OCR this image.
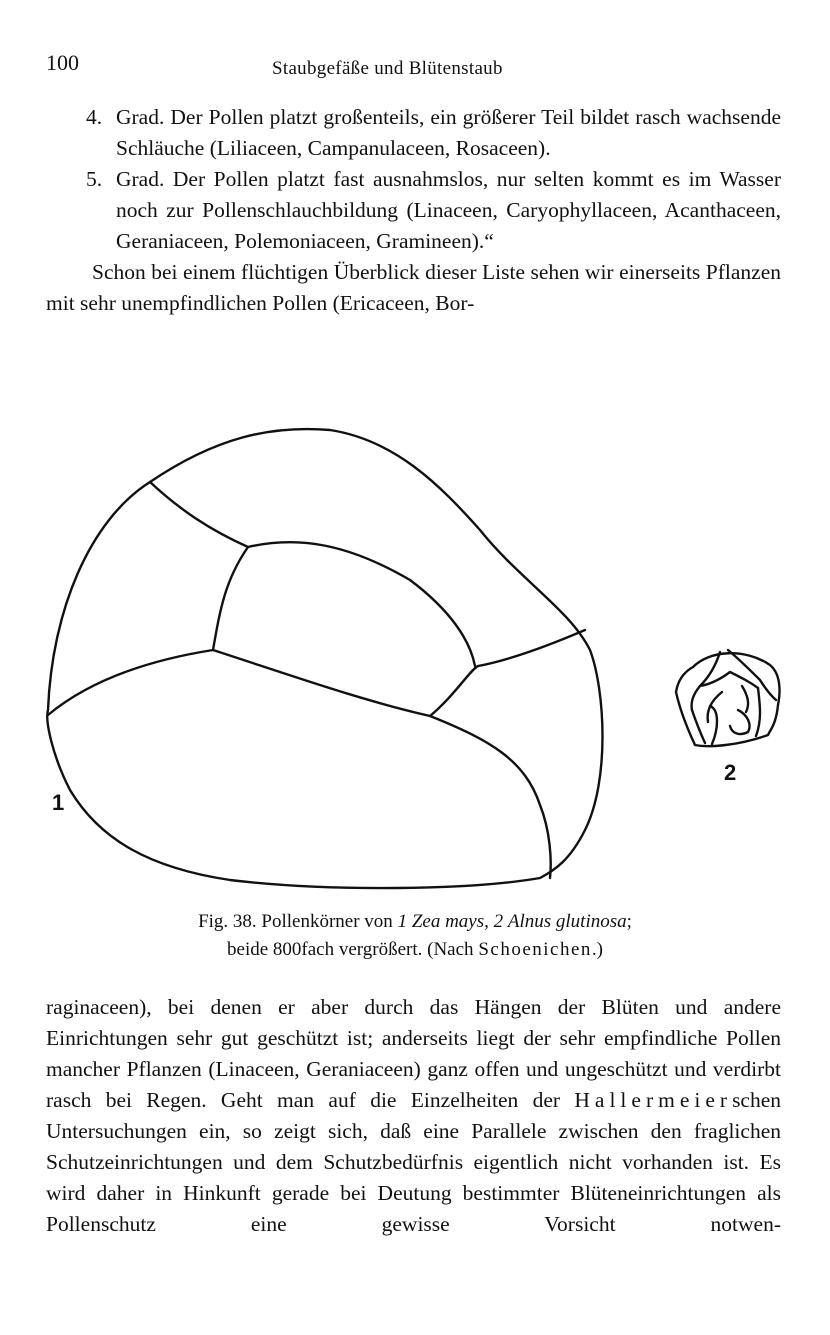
100	Staubgefäße und Blütenstaub
4. Grad. Der Pollen platzt großenteils, ein größerer Teil bildet rasch wachsende Schläuche (Liliaceen, Campanulaceen, Rosaceen).
5. Grad. Der Pollen platzt fast ausnahmslos, nur selten kommt es im Wasser noch zur Pollenschlauchbildung (Linaceen, Caryophyllaceen, Acanthaceen, Geraniaceen, Polemoniaceen, Gramineen).“
Schon bei einem flüchtigen Überblick dieser Liste sehen wir einerseits Pflanzen mit sehr unempfindlichen Pollen (Ericaceen, Bor-
1
2
Fig. 38. Pollenkörner von 1 Zea mays, 2 Alnus glutinosa;
beide 800fach vergrößert. (Nach Schoenichen.)

raginaceen), bei denen er aber durch das Hängen der Blüten und andere Einrichtungen sehr gut geschützt ist; anderseits liegt der sehr empfindliche Pollen mancher Pflanzen (Linaceen, Geraniaceen) ganz offen und ungeschützt und verdirbt rasch bei Regen. Geht man auf die Einzelheiten der Hallermeierschen Untersuchungen ein, so zeigt sich, daß eine Parallele zwischen den fraglichen Schutzeinrichtungen und dem Schutzbedürfnis eigentlich nicht vorhanden ist. Es wird daher in Hinkunft gerade bei Deutung bestimmter Blüteneinrichtungen als Pollenschutz eine gewisse Vorsicht notwen-
